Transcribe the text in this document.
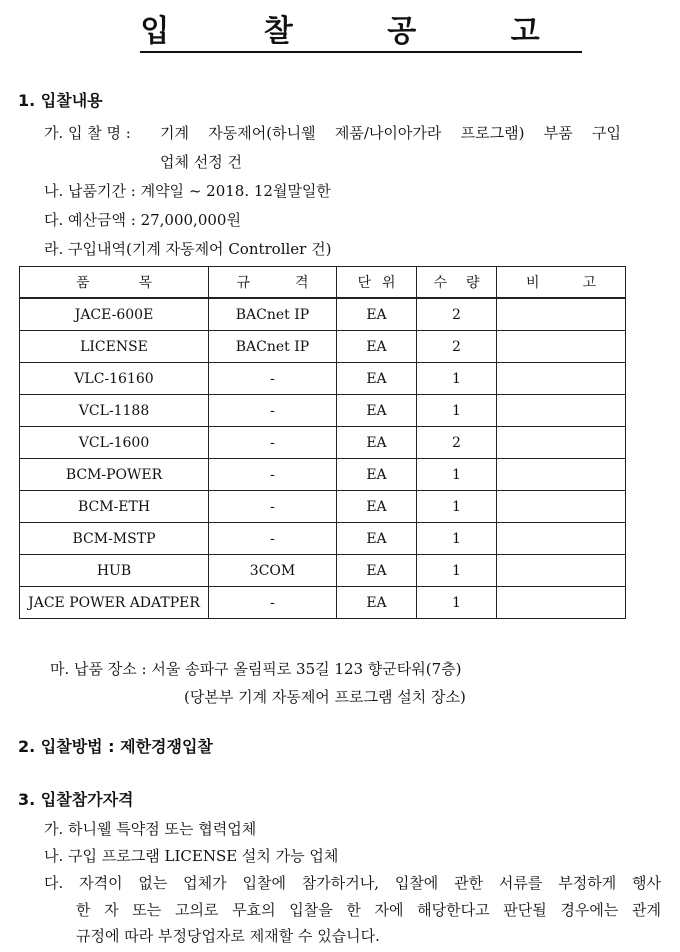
입 찰 공 고
1. 입찰내용
가. 입 찰 명 : 기계 자동제어(하니웰 제품/나이아가라 프로그램) 부품 구입
업체 선정 건
나. 납품기간 : 계약일 ~ 2018. 12월말일한
다. 예산금액 : 27,000,000원
라. 구입내역(기계 자동제어 Controller 건)
품 목	규 격	단 위	수 량	비 고
JACE-600E	BACnet IP	EA	2	
LICENSE	BACnet IP	EA	2	
VLC-16160	-	EA	1	
VCL-1188	-	EA	1	
VCL-1600	-	EA	2	
BCM-POWER	-	EA	1	
BCM-ETH	-	EA	1	
BCM-MSTP	-	EA	1	
HUB	3COM	EA	1	
JACE POWER ADATPER	-	EA	1	
마. 납품 장소 : 서울 송파구 올림픽로 35길 123 향군타워(7층)
(당본부 기계 자동제어 프로그램 설치 장소)
2. 입찰방법 : 제한경쟁입찰
3. 입찰참가자격
가. 하니웰 특약점 또는 협력업체
나. 구입 프로그램 LICENSE 설치 가능 업체
다. 자격이 없는 업체가 입찰에 참가하거나, 입찰에 관한 서류를 부정하게 행사
한 자 또는 고의로 무효의 입찰을 한 자에 해당한다고 판단될 경우에는 관계
규정에 따라 부정당업자로 제재할 수 있습니다.
